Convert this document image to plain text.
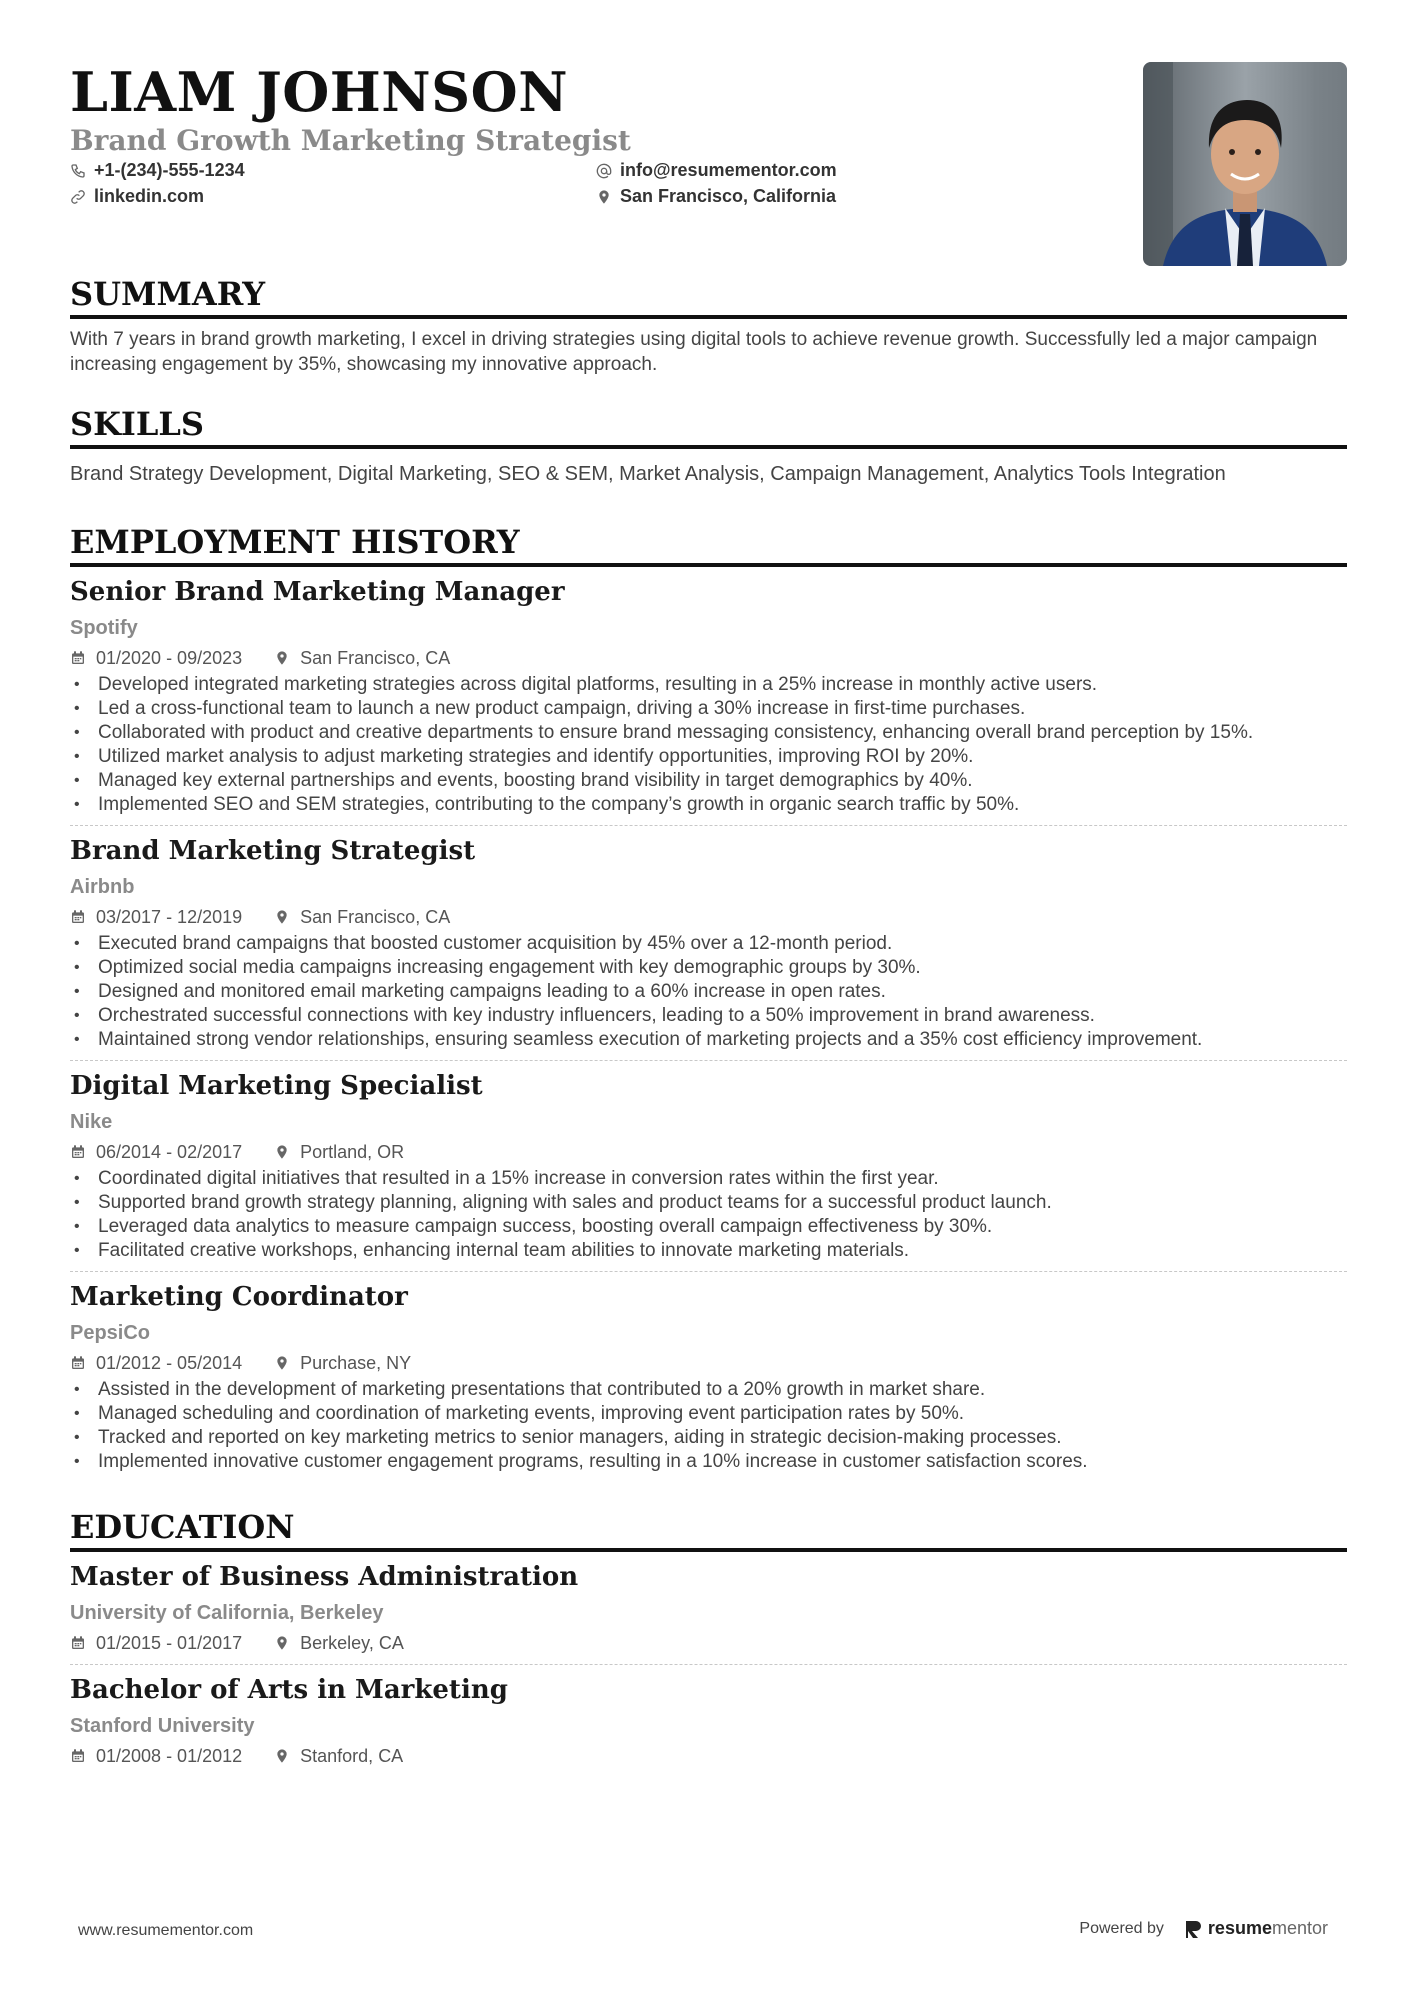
LIAM JOHNSON

Brand Growth Marketing Strategist

+1-(234)-555-1234	info@resumementor.com
linkedin.com	San Francisco, California
SUMMARY

With 7 years in brand growth marketing, I excel in driving strategies using digital tools to achieve revenue growth. Successfully led a major campaign increasing engagement by 35%, showcasing my innovative approach.

SKILLS

Brand Strategy Development, Digital Marketing, SEO & SEM, Market Analysis, Campaign Management, Analytics Tools Integration

EMPLOYMENT HISTORY
Senior Brand Marketing Manager

Spotify

01/2020 - 09/2023	San Francisco, CA
• Developed integrated marketing strategies across digital platforms, resulting in a 25% increase in monthly active users.
• Led a cross-functional team to launch a new product campaign, driving a 30% increase in first-time purchases.
• Collaborated with product and creative departments to ensure brand messaging consistency, enhancing overall brand perception by 15%.
• Utilized market analysis to adjust marketing strategies and identify opportunities, improving ROI by 20%.
• Managed key external partnerships and events, boosting brand visibility in target demographics by 40%.
• Implemented SEO and SEM strategies, contributing to the company’s growth in organic search traffic by 50%.
Brand Marketing Strategist

Airbnb

03/2017 - 12/2019	San Francisco, CA
• Executed brand campaigns that boosted customer acquisition by 45% over a 12-month period.
• Optimized social media campaigns increasing engagement with key demographic groups by 30%.
• Designed and monitored email marketing campaigns leading to a 60% increase in open rates.
• Orchestrated successful connections with key industry influencers, leading to a 50% improvement in brand awareness.
• Maintained strong vendor relationships, ensuring seamless execution of marketing projects and a 35% cost efficiency improvement.
Digital Marketing Specialist

Nike

06/2014 - 02/2017	Portland, OR
• Coordinated digital initiatives that resulted in a 15% increase in conversion rates within the first year.
• Supported brand growth strategy planning, aligning with sales and product teams for a successful product launch.
• Leveraged data analytics to measure campaign success, boosting overall campaign effectiveness by 30%.
• Facilitated creative workshops, enhancing internal team abilities to innovate marketing materials.
Marketing Coordinator

PepsiCo

01/2012 - 05/2014	Purchase, NY
• Assisted in the development of marketing presentations that contributed to a 20% growth in market share.
• Managed scheduling and coordination of marketing events, improving event participation rates by 50%.
• Tracked and reported on key marketing metrics to senior managers, aiding in strategic decision-making processes.
• Implemented innovative customer engagement programs, resulting in a 10% increase in customer satisfaction scores.
EDUCATION
Master of Business Administration

University of California, Berkeley

01/2015 - 01/2017	Berkeley, CA
Bachelor of Arts in Marketing

Stanford University

01/2008 - 01/2012	Stanford, CA
www.resumementor.com	Powered by resumementor
